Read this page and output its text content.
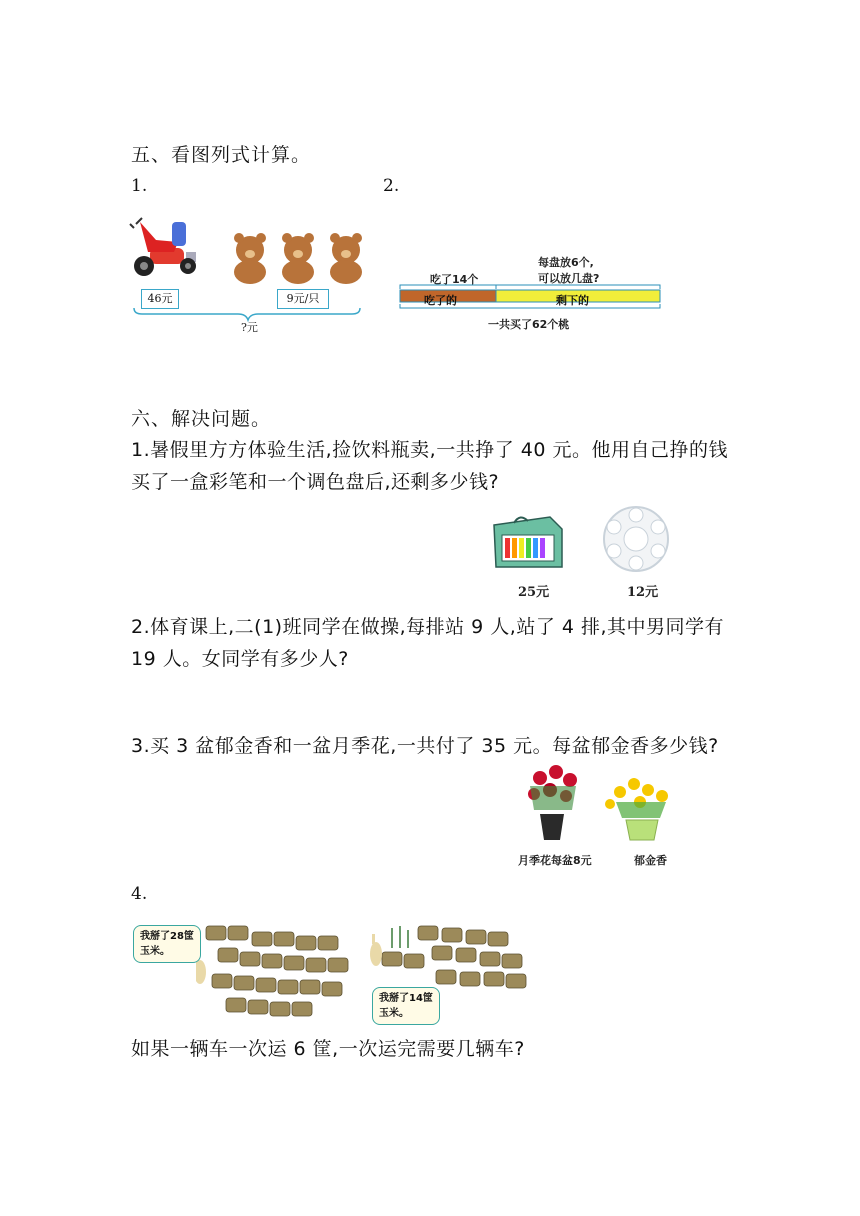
五、看图列式计算。
1.	2.
46元	9元/只
?元
每盘放6个,
可以放几盘?
吃了14个
吃了的	剩下的
一共买了62个桃
六、解决问题。
1.暑假里方方体验生活,捡饮料瓶卖,一共挣了 40 元。他用自己挣的钱
买了一盒彩笔和一个调色盘后,还剩多少钱?
25元	12元
2.体育课上,二(1)班同学在做操,每排站 9 人,站了 4 排,其中男同学有
19 人。女同学有多少人?
3.买 3 盆郁金香和一盆月季花,一共付了 35 元。每盆郁金香多少钱?
月季花每盆8元	郁金香
4.
我掰了28筐
玉米。
我掰了14筐
玉米。
如果一辆车一次运 6 筐,一次运完需要几辆车?
